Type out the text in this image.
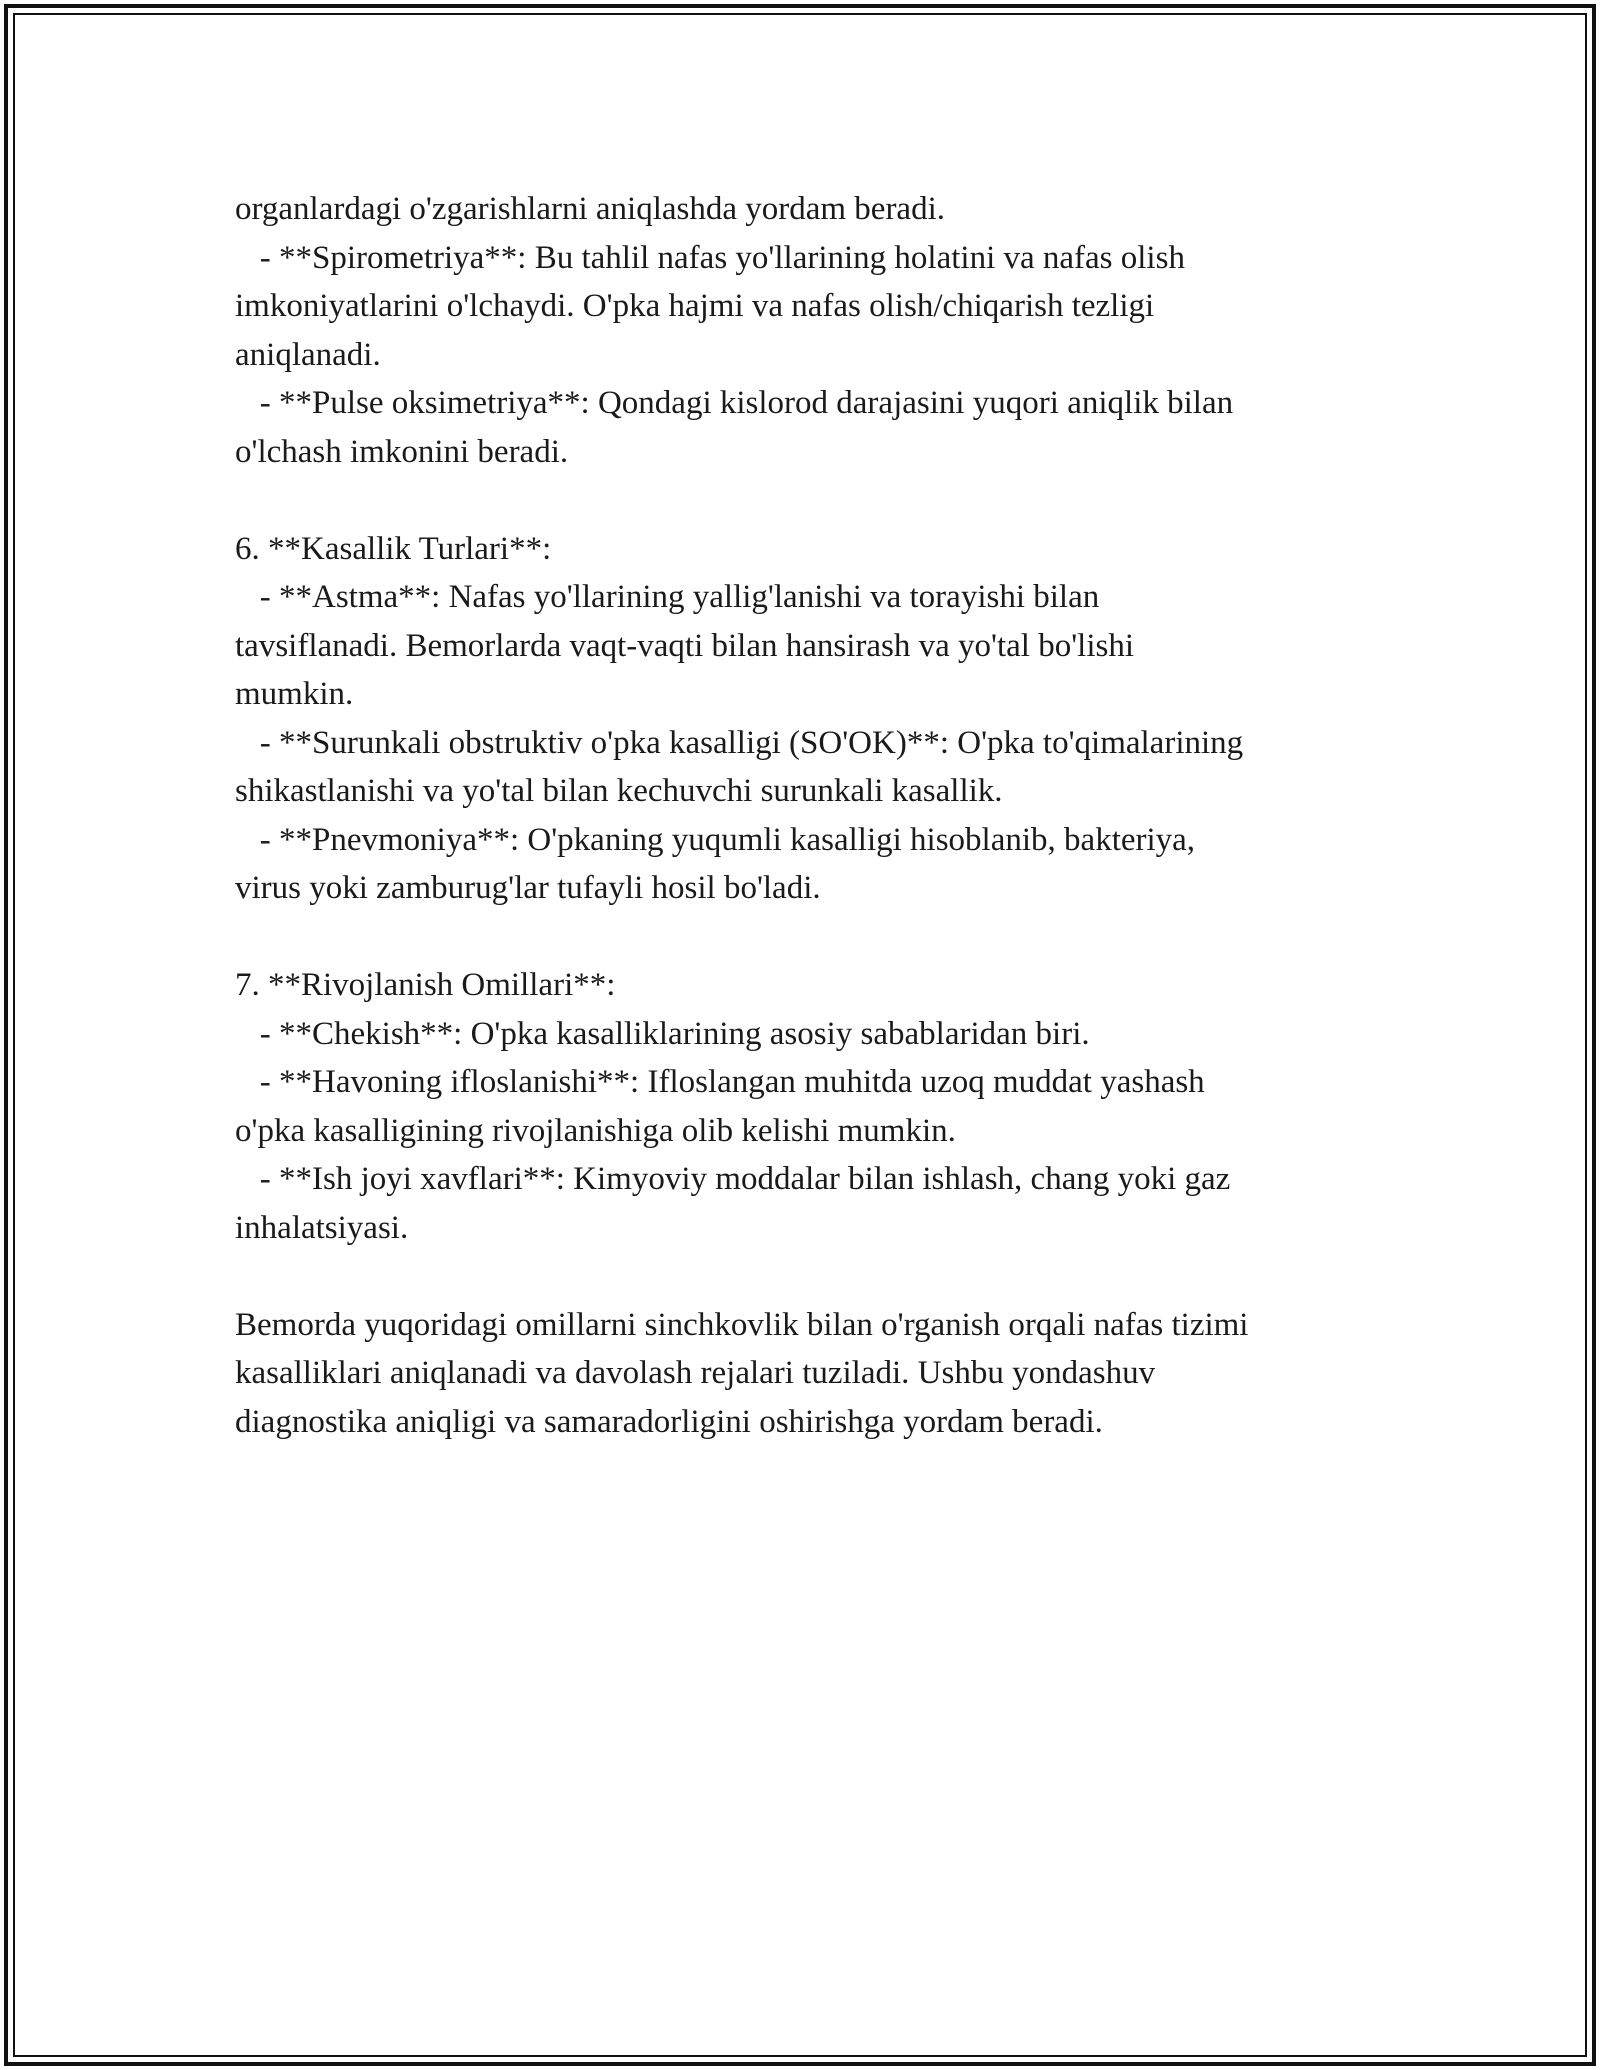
organlardagi o'zgarishlarni aniqlashda yordam beradi.
- **Spirometriya**: Bu tahlil nafas yo'llarining holatini va nafas olish
imkoniyatlarini o'lchaydi. O'pka hajmi va nafas olish/chiqarish tezligi
aniqlanadi.
- **Pulse oksimetriya**: Qondagi kislorod darajasini yuqori aniqlik bilan
o'lchash imkonini beradi.
6. **Kasallik Turlari**:
- **Astma**: Nafas yo'llarining yallig'lanishi va torayishi bilan
tavsiflanadi. Bemorlarda vaqt-vaqti bilan hansirash va yo'tal bo'lishi
mumkin.
- **Surunkali obstruktiv o'pka kasalligi (SO'OK)**: O'pka to'qimalarining
shikastlanishi va yo'tal bilan kechuvchi surunkali kasallik.
- **Pnevmoniya**: O'pkaning yuqumli kasalligi hisoblanib, bakteriya,
virus yoki zamburug'lar tufayli hosil bo'ladi.
7. **Rivojlanish Omillari**:
- **Chekish**: O'pka kasalliklarining asosiy sabablaridan biri.
- **Havoning ifloslanishi**: Ifloslangan muhitda uzoq muddat yashash
o'pka kasalligining rivojlanishiga olib kelishi mumkin.
- **Ish joyi xavflari**: Kimyoviy moddalar bilan ishlash, chang yoki gaz
inhalatsiyasi.
Bemorda yuqoridagi omillarni sinchkovlik bilan o'rganish orqali nafas tizimi
kasalliklari aniqlanadi va davolash rejalari tuziladi. Ushbu yondashuv
diagnostika aniqligi va samaradorligini oshirishga yordam beradi.
